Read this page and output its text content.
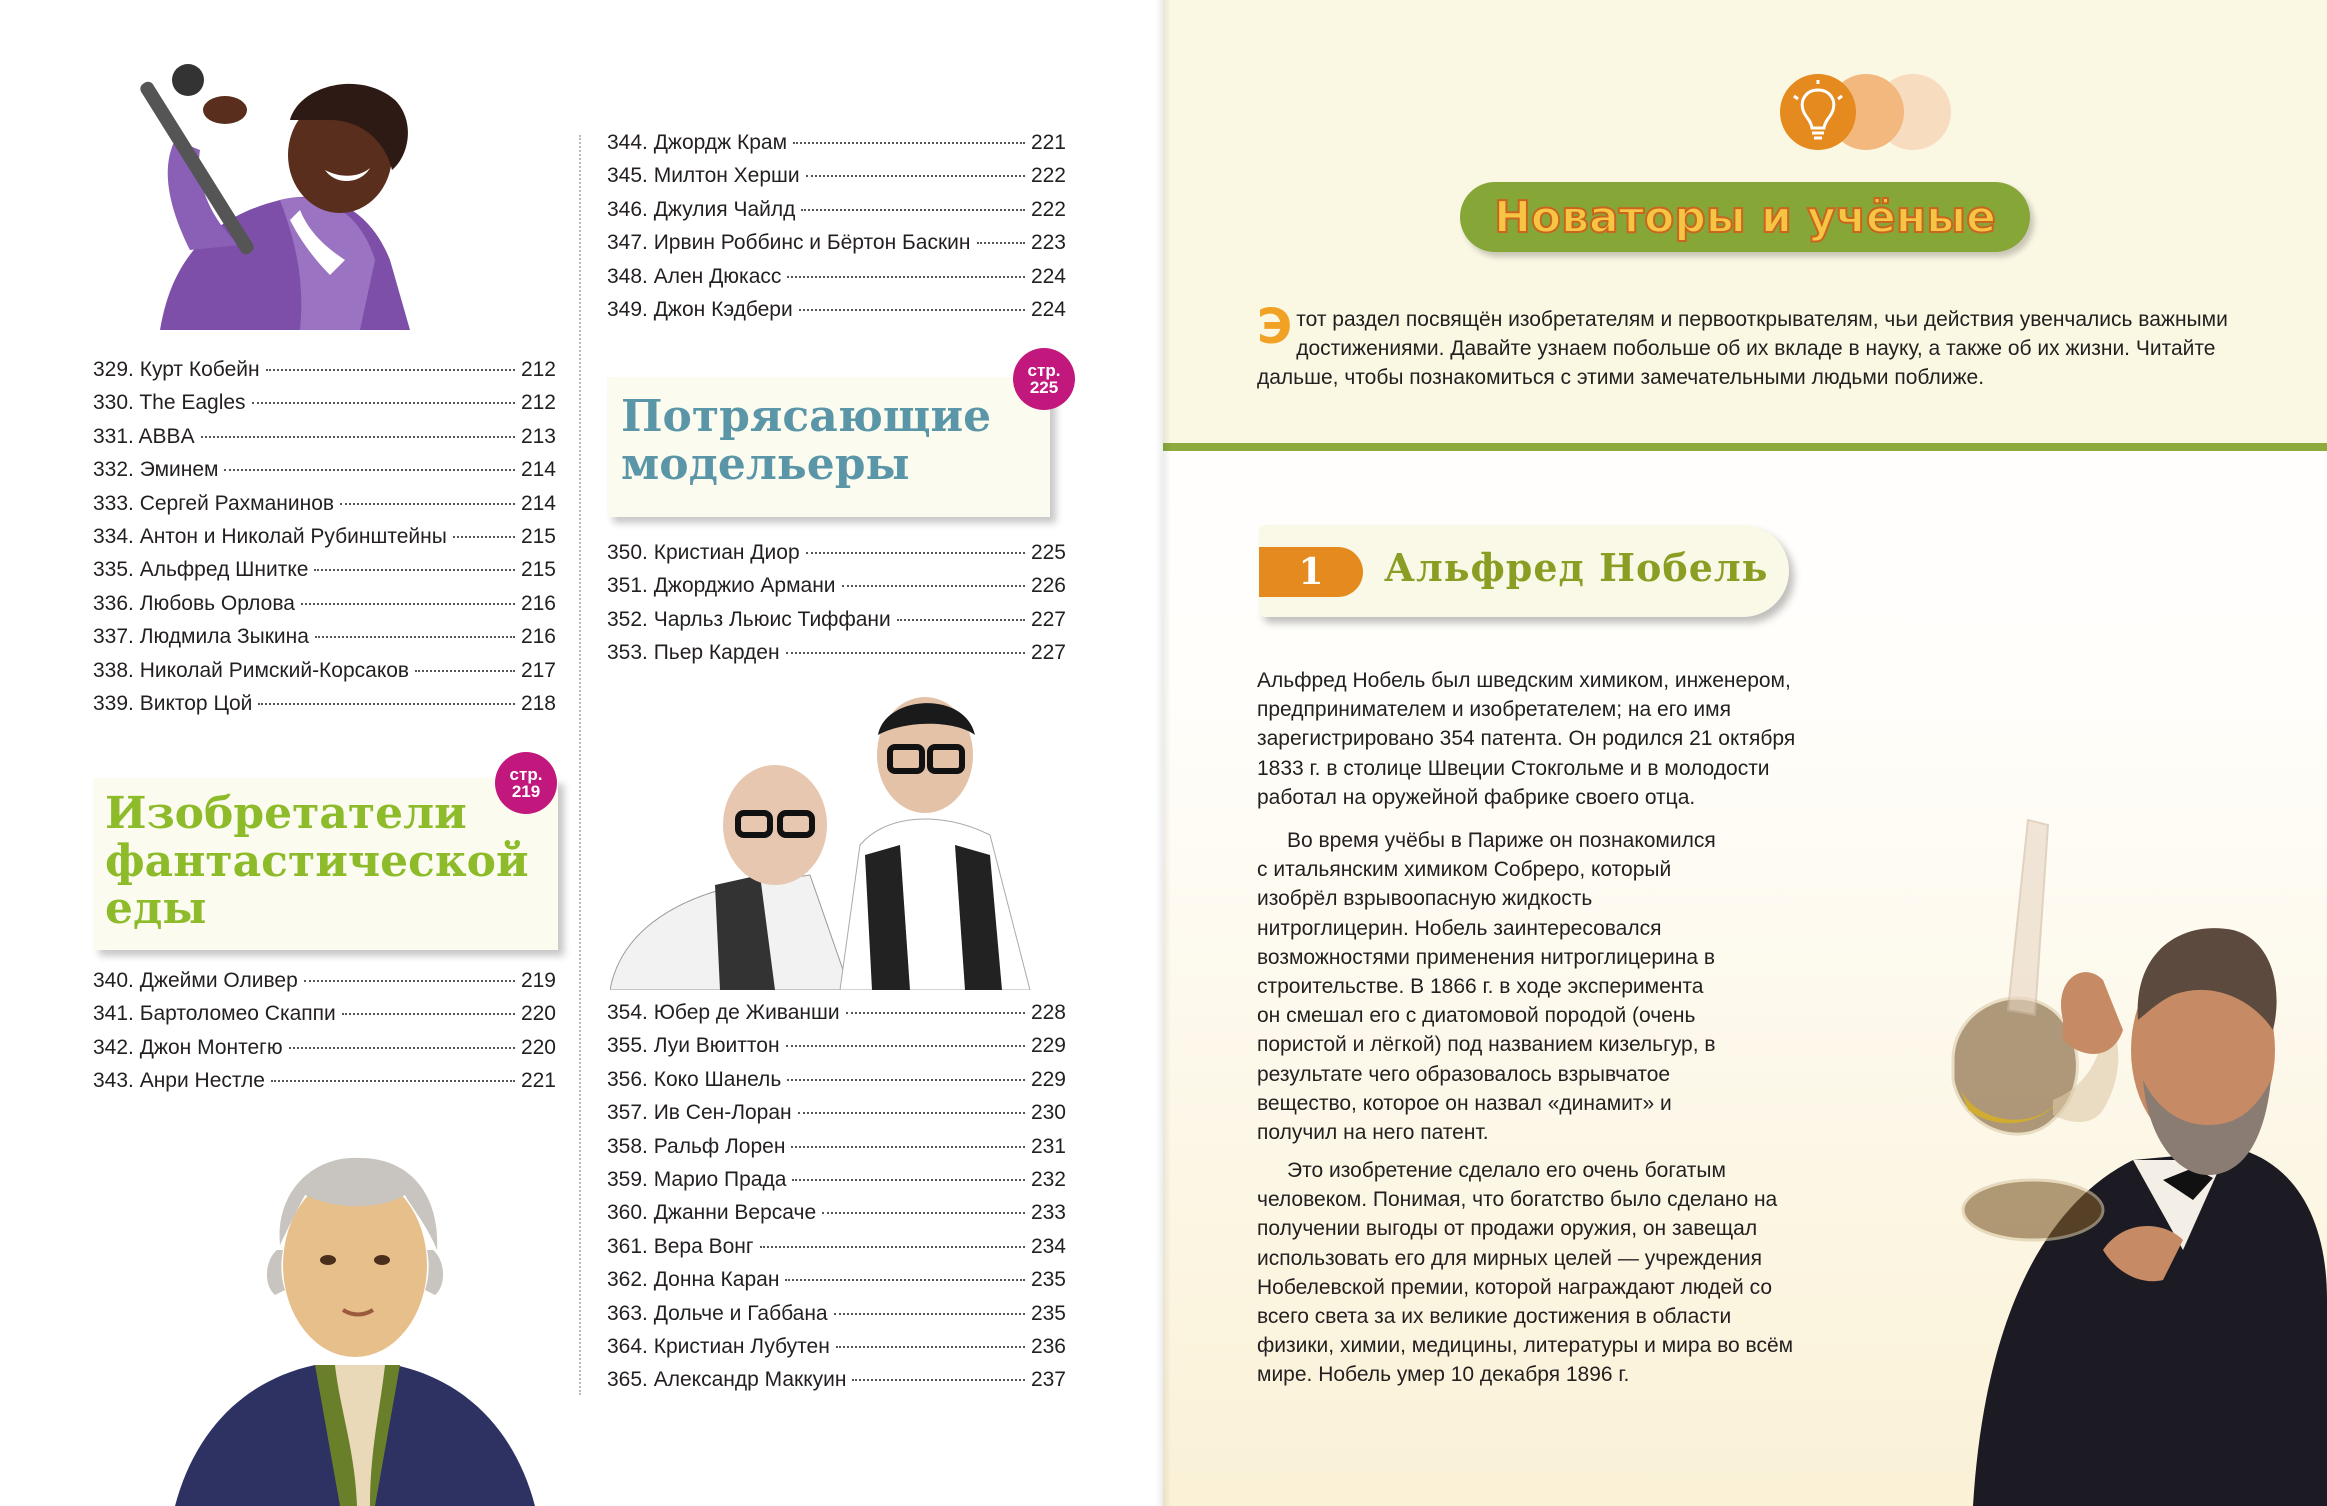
329. Курт Кобейн	212
330. The Eagles	212
331. ABBA	213
332. Эминем	214
333. Сергей Рахманинов	214
334. Антон и Николай Рубинштейны	215
335. Альфред Шнитке	215
336. Любовь Орлова	216
337. Людмила Зыкина	216
338. Николай Римский-Корсаков	217
339. Виктор Цой	218
Изобретатели
фантастической
еды
стр.
219
340. Джейми Оливер	219
341. Бартоломео Скаппи	220
342. Джон Монтегю	220
343. Анри Нестле	221
344. Джордж Крам	221
345. Милтон Херши	222
346. Джулия Чайлд	222
347. Ирвин Роббинс и Бёртон Баскин	223
348. Ален Дюкасс	224
349. Джон Кэдбери	224
Потрясающие
модельеры
стр.
225
350. Кристиан Диор	225
351. Джорджио Армани	226
352. Чарльз Льюис Тиффани	227
353. Пьер Карден	227
354. Юбер де Живанши	228
355. Луи Вюиттон	229
356. Коко Шанель	229
357. Ив Сен-Лоран	230
358. Ральф Лорен	231
359. Марио Прада	232
360. Джанни Версаче	233
361. Вера Вонг	234
362. Донна Каран	235
363. Дольче и Габбана	235
364. Кристиан Лубутен	236
365. Александр Маккуин	237
Новаторы и учёные
Этот раздел посвящён изобретателям и первооткрывателям, чьи действия увенчались важными достижениями. Давайте узнаем побольше об их вкладе в науку, а также об их жизни. Читайте дальше, чтобы познакомиться с этими замечательными людьми поближе.
1	Альфред Нобель

Альфред Нобель был шведским химиком, инженером, предпринимателем и изобретателем; на его имя зарегистрировано 354 патента. Он родился 21 октября 1833 г. в столице Швеции Стокгольме и в молодости работал на оружейной фабрике своего отца.

Во время учёбы в Париже он познакомился с итальянским химиком Собреро, который изобрёл взрывоопасную жидкость нитроглицерин. Нобель заинтересовался возможностями применения нитроглицерина в строительстве. В 1866 г. в ходе эксперимента он смешал его с диатомовой породой (очень пористой и лёгкой) под названием кизельгур, в результате чего образовалось взрывчатое вещество, которое он назвал «динамит» и получил на него патент.

Это изобретение сделало его очень богатым человеком. Понимая, что богатство было сделано на получении выгоды от продажи оружия, он завещал использовать его для мирных целей — учреждения Нобелевской премии, которой награждают людей со всего света за их великие достижения в области физики, химии, медицины, литературы и мира во всём мире. Нобель умер 10 декабря 1896 г.
